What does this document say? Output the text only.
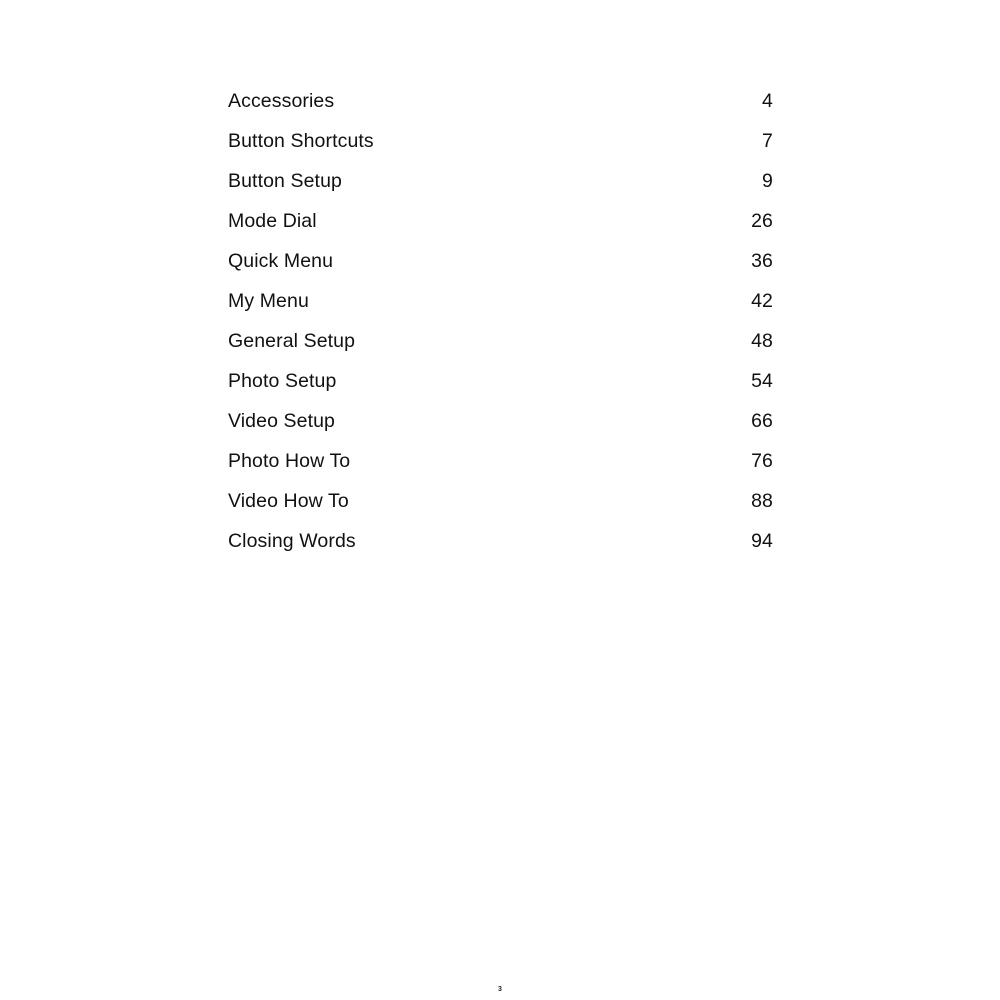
Accessories	4
Button Shortcuts	7
Button Setup	9
Mode Dial	26
Quick Menu	36
My Menu	42
General Setup	48
Photo Setup	54
Video Setup	66
Photo How To	76
Video How To	88
Closing Words	94
3
